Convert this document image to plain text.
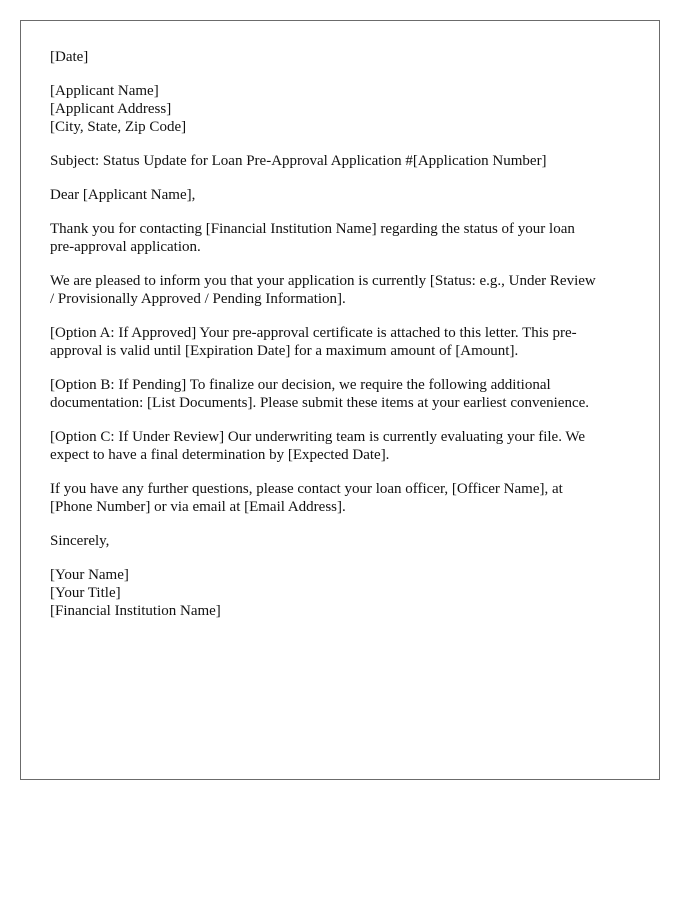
[Date]
[Applicant Name]
[Applicant Address]
[City, State, Zip Code]
Subject: Status Update for Loan Pre-Approval Application #[Application Number]
Dear [Applicant Name],
Thank you for contacting [Financial Institution Name] regarding the status of your loan
pre-approval application.
We are pleased to inform you that your application is currently [Status: e.g., Under Review
/ Provisionally Approved / Pending Information].
[Option A: If Approved] Your pre-approval certificate is attached to this letter. This pre-
approval is valid until [Expiration Date] for a maximum amount of [Amount].
[Option B: If Pending] To finalize our decision, we require the following additional
documentation: [List Documents]. Please submit these items at your earliest convenience.
[Option C: If Under Review] Our underwriting team is currently evaluating your file. We
expect to have a final determination by [Expected Date].
If you have any further questions, please contact your loan officer, [Officer Name], at
[Phone Number] or via email at [Email Address].
Sincerely,
[Your Name]
[Your Title]
[Financial Institution Name]
